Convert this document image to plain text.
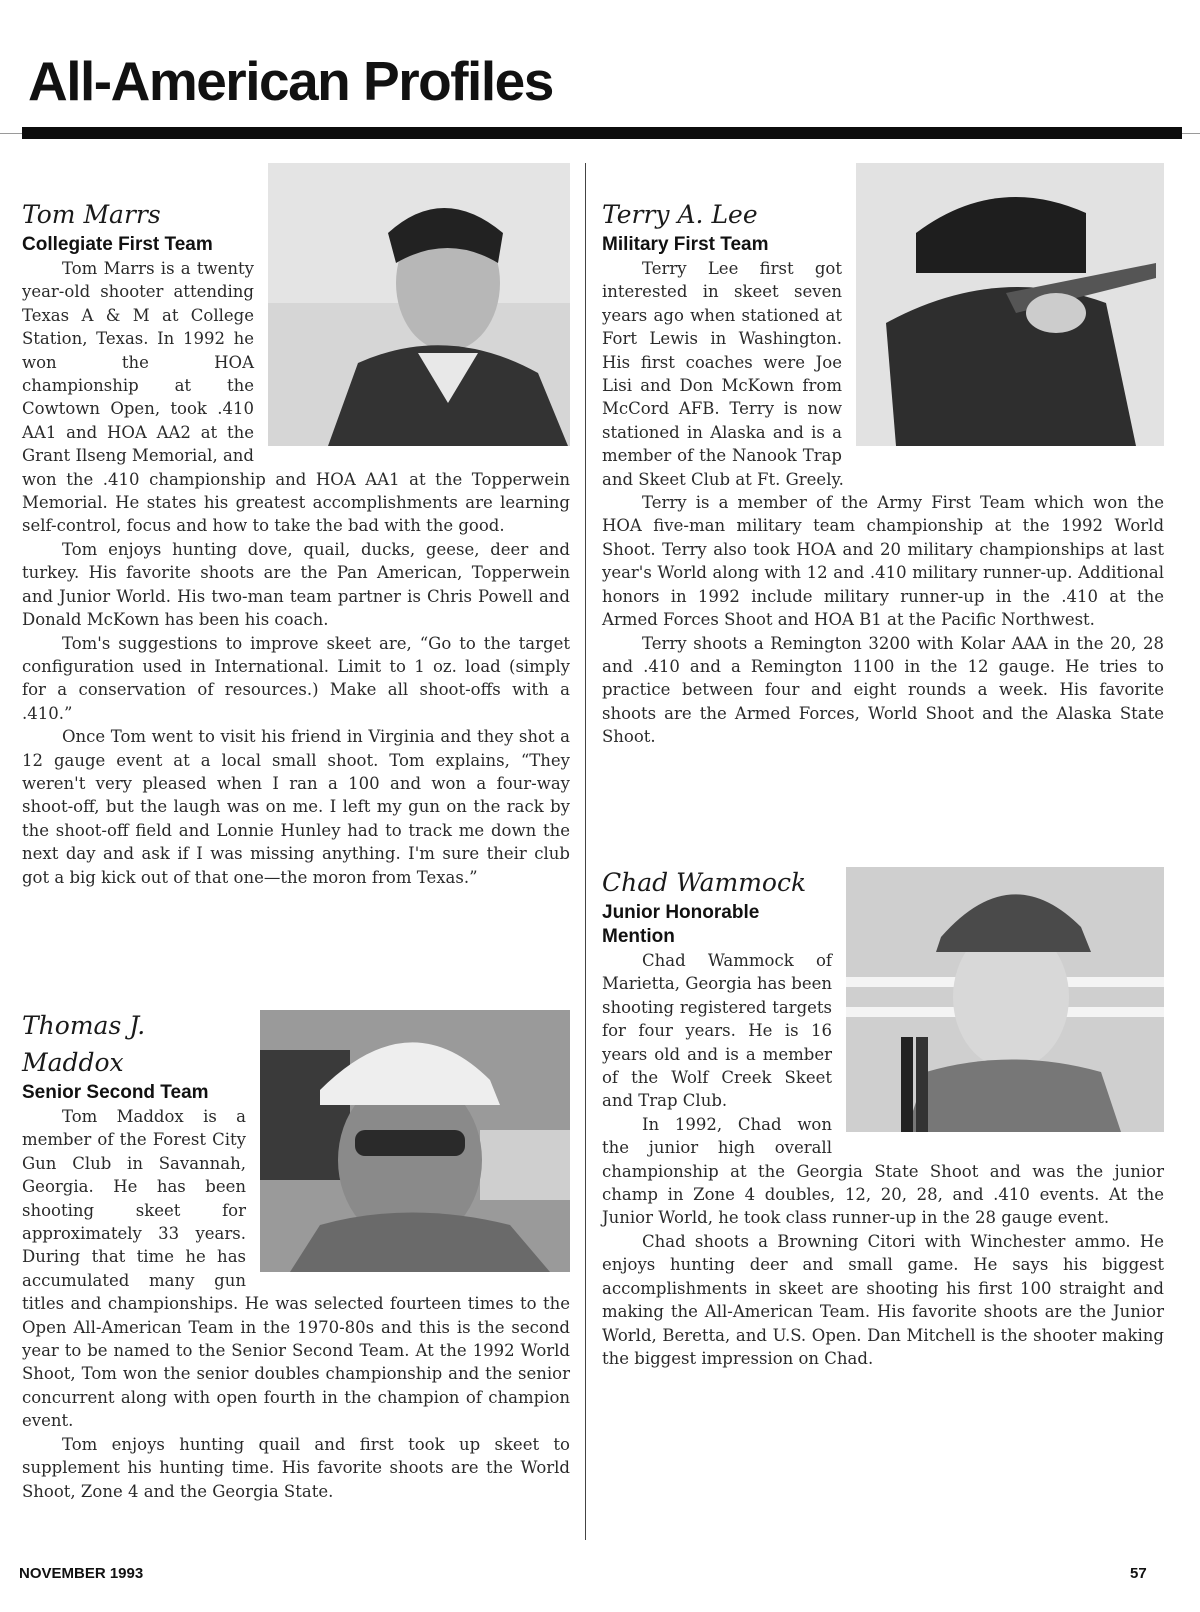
All-American Profiles
Tom Marrs
Collegiate First Team

Tom Marrs is a twenty year-old shooter attending Texas A & M at College Station, Texas. In 1992 he won the HOA championship at the Cowtown Open, took .410 AA1 and HOA AA2 at the Grant Ilseng Memorial, and won the .410 championship and HOA AA1 at the Topperwein Memorial. He states his greatest accomplishments are learning self-control, focus and how to take the bad with the good.

Tom enjoys hunting dove, quail, ducks, geese, deer and turkey. His favorite shoots are the Pan American, Topperwein and Junior World. His two-man team partner is Chris Powell and Donald McKown has been his coach.

Tom's suggestions to improve skeet are, “Go to the target configuration used in International. Limit to 1 oz. load (simply for a conservation of resources.) Make all shoot-offs with a .410.”

Once Tom went to visit his friend in Virginia and they shot a 12 gauge event at a local small shoot. Tom explains, “They weren't very pleased when I ran a 100 and won a four-way shoot-off, but the laugh was on me. I left my gun on the rack by the shoot-off field and Lonnie Hunley had to track me down the next day and ask if I was missing anything. I'm sure their club got a big kick out of that one—the moron from Texas.”

Thomas J. Maddox
Senior Second Team

Tom Maddox is a member of the Forest City Gun Club in Savannah, Georgia. He has been shooting skeet for approximately 33 years. During that time he has accumulated many gun titles and championships. He was selected fourteen times to the Open All-American Team in the 1970-80s and this is the second year to be named to the Senior Second Team. At the 1992 World Shoot, Tom won the senior doubles championship and the senior concurrent along with open fourth in the champion of champion event.

Tom enjoys hunting quail and first took up skeet to supplement his hunting time. His favorite shoots are the World Shoot, Zone 4 and the Georgia State.

Terry A. Lee
Military First Team

Terry Lee first got interested in skeet seven years ago when stationed at Fort Lewis in Washington. His first coaches were Joe Lisi and Don McKown from McCord AFB. Terry is now stationed in Alaska and is a member of the Nanook Trap and Skeet Club at Ft. Greely.

Terry is a member of the Army First Team which won the HOA five-man military team championship at the 1992 World Shoot. Terry also took HOA and 20 military championships at last year's World along with 12 and .410 military runner-up. Additional honors in 1992 include military runner-up in the .410 at the Armed Forces Shoot and HOA B1 at the Pacific Northwest.

Terry shoots a Remington 3200 with Kolar AAA in the 20, 28 and .410 and a Remington 1100 in the 12 gauge. He tries to practice between four and eight rounds a week. His favorite shoots are the Armed Forces, World Shoot and the Alaska State Shoot.

Chad Wammock
Junior Honorable Mention

Chad Wammock of Marietta, Georgia has been shooting registered targets for four years. He is 16 years old and is a member of the Wolf Creek Skeet and Trap Club.

In 1992, Chad won the junior high overall championship at the Georgia State Shoot and was the junior champ in Zone 4 doubles, 12, 20, 28, and .410 events. At the Junior World, he took class runner-up in the 28 gauge event.

Chad shoots a Browning Citori with Winchester ammo. He enjoys hunting deer and small game. He says his biggest accomplishments in skeet are shooting his first 100 straight and making the All-American Team. His favorite shoots are the Junior World, Beretta, and U.S. Open. Dan Mitchell is the shooter making the biggest impression on Chad.

NOVEMBER 1993	57
